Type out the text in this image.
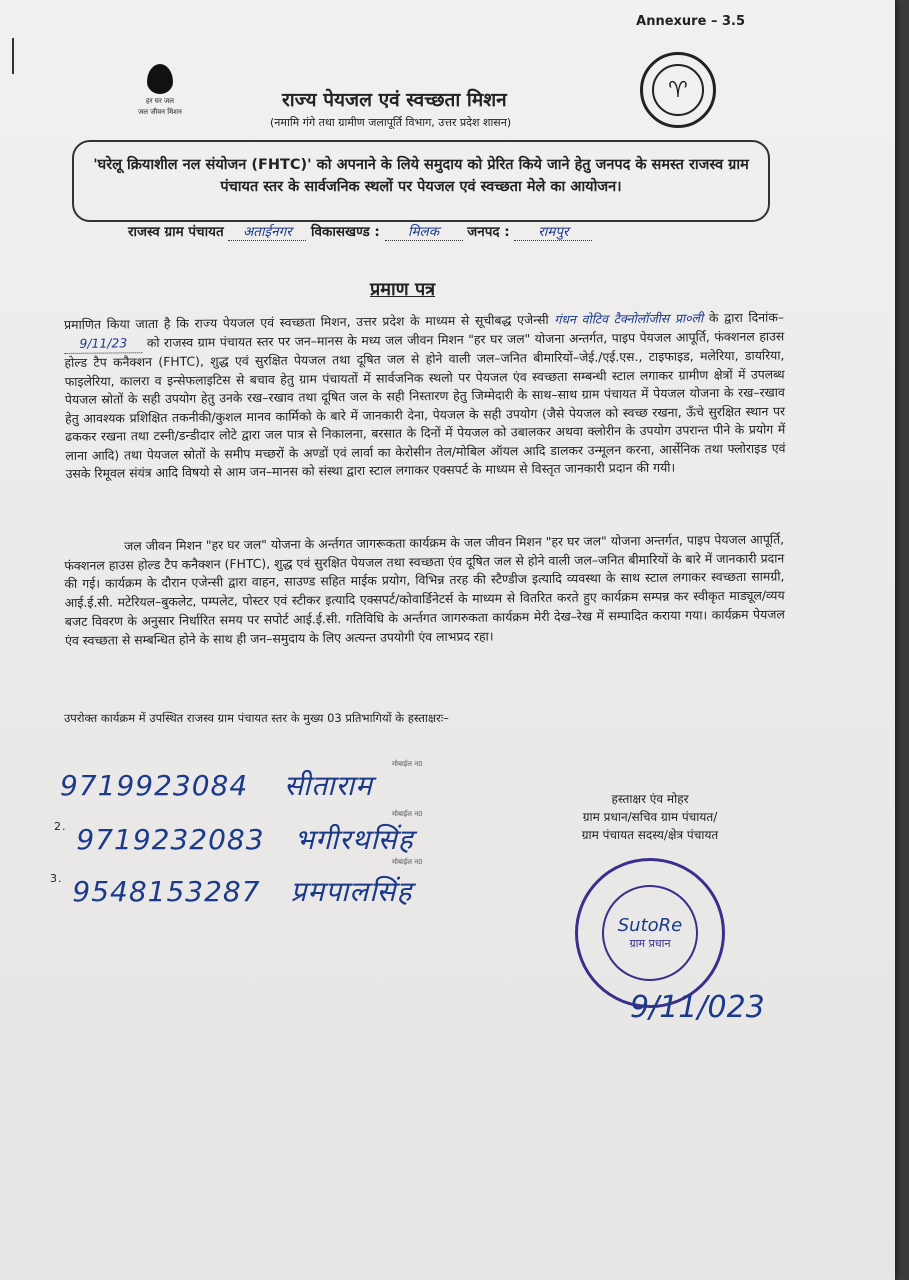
Annexure – 3.5
हर घर जल
जल जीवन मिशन
♈
राज्य पेयजल एवं स्वच्छता मिशन
(नमामि गंगे तथा ग्रामीण जलापूर्ति विभाग, उत्तर प्रदेश शासन)
'घरेलू क्रियाशील नल संयोजन (FHTC)' को अपनाने के लिये समुदाय को प्रेरित किये जाने हेतु जनपद के समस्त राजस्व ग्राम पंचायत स्तर के सार्वजनिक स्थलों पर पेयजल एवं स्वच्छता मेले का आयोजन।
राजस्व ग्राम पंचायत अताईनगर विकासखण्ड : मिलक जनपद : रामपुर
प्रमाण पत्र
प्रमाणित किया जाता है कि राज्य पेयजल एवं स्वच्छता मिशन, उत्तर प्रदेश के माध्यम से सूचीबद्ध एजेन्सी गंधन वोटिव टैक्नोलॉजीस प्रा०ली के द्वारा दिनांक– 9/11/23 को राजस्व ग्राम पंचायत स्तर पर जन–मानस के मध्य जल जीवन मिशन "हर घर जल" योजना अन्तर्गत, पाइप पेयजल आपूर्ति, फंक्शनल हाउस होल्ड टैप कनैक्शन (FHTC), शुद्ध एवं सुरक्षित पेयजल तथा दूषित जल से होने वाली जल–जनित बीमारियों–जेई./एई.एस., टाइफाइड, मलेरिया, डायरिया, फाइलेरिया, कालरा व इन्सेफलाइटिस से बचाव हेतु ग्राम पंचायतों में सार्वजनिक स्थलो पर पेयजल एंव स्वच्छता सम्बन्धी स्टाल लगाकर ग्रामीण क्षेत्रों में उपलब्ध पेयजल स्रोतों के सही उपयोग हेतु उनके रख–रखाव तथा दूषित जल के सही निस्तारण हेतु जिम्मेदारी के साथ–साथ ग्राम पंचायत में पेयजल योजना के रख–रखाव हेतु आवश्यक प्रशिक्षित तकनीकी/कुशल मानव कार्मिको के बारे में जानकारी देना, पेयजल के सही उपयोग (जैसे पेयजल को स्वच्छ रखना, ऊँचे सुरक्षित स्थान पर ढककर रखना तथा टस्नी/डन्डीदार लोटे द्वारा जल पात्र से निकालना, बरसात के दिनों में पेयजल को उबालकर अथवा क्लोरीन के उपयोग उपरान्त पीने के प्रयोग में लाना आदि) तथा पेयजल स्रोतों के समीप मच्छरों के अण्डों एवं लार्वा का केरोसीन तेल/मोबिल ऑयल आदि डालकर उन्मूलन करना, आर्सेनिक तथा फ्लोराइड एवं उसके रिमूवल संयंत्र आदि विषयो से आम जन–मानस को संस्था द्वारा स्टाल लगाकर एक्सपर्ट के माध्यम से विस्तृत जानकारी प्रदान की गयी।
जल जीवन मिशन "हर घर जल" योजना के अर्न्तगत जागरूकता कार्यक्रम के जल जीवन मिशन "हर घर जल" योजना अन्तर्गत, पाइप पेयजल आपूर्ति, फंक्शनल हाउस होल्ड टैप कनैक्शन (FHTC), शुद्ध एवं सुरक्षित पेयजल तथा स्वच्छता एंव दूषित जल से होने वाली जल–जनित बीमारियों के बारे में जानकारी प्रदान की गई। कार्यक्रम के दौरान एजेन्सी द्वारा वाहन, साउण्ड सहित माईक प्रयोग, विभिन्न तरह की स्टैण्डीज इत्यादि व्यवस्था के साथ स्टाल लगाकर स्वच्छता सामग्री, आई.ई.सी. मटेरियल–बुकलेट, पम्पलेट, पोस्टर एवं स्टीकर इत्यादि एक्सपर्ट/कोवार्डिनेटर्स के माध्यम से वितरित करते हुए कार्यक्रम सम्पन्न कर स्वीकृत माड्यूल/व्यय बजट विवरण के अनुसार निर्धारित समय पर सपोर्ट आई.ई.सी. गतिविधि के अर्न्तगत जागरुकता कार्यक्रम मेरी देख–रेख में सम्पादित कराया गया। कार्यक्रम पेयजल एंव स्वच्छता से सम्बन्धित होने के साथ ही जन–समुदाय के लिए अत्यन्त उपयोगी एंव लाभप्रद रहा।
उपरोक्त कार्यक्रम में उपस्थित राजस्व ग्राम पंचायत स्तर के मुख्य 03 प्रतिभागियों के हस्ताक्षरः–
मोबाईल न0
9719923084 सीताराम
मोबाईल न0
$^{2.}$ 9719232083 भगीरथसिंह
मोबाईल न0
$^{3.}$ 9548153287 प्रमपालसिंह
हस्ताक्षर एंव मोहर
ग्राम प्रधान/सचिव ग्राम पंचायत/
ग्राम पंचायत सदस्य/क्षेत्र पंचायत
SutoRe
ग्राम प्रधान
9/11/023
